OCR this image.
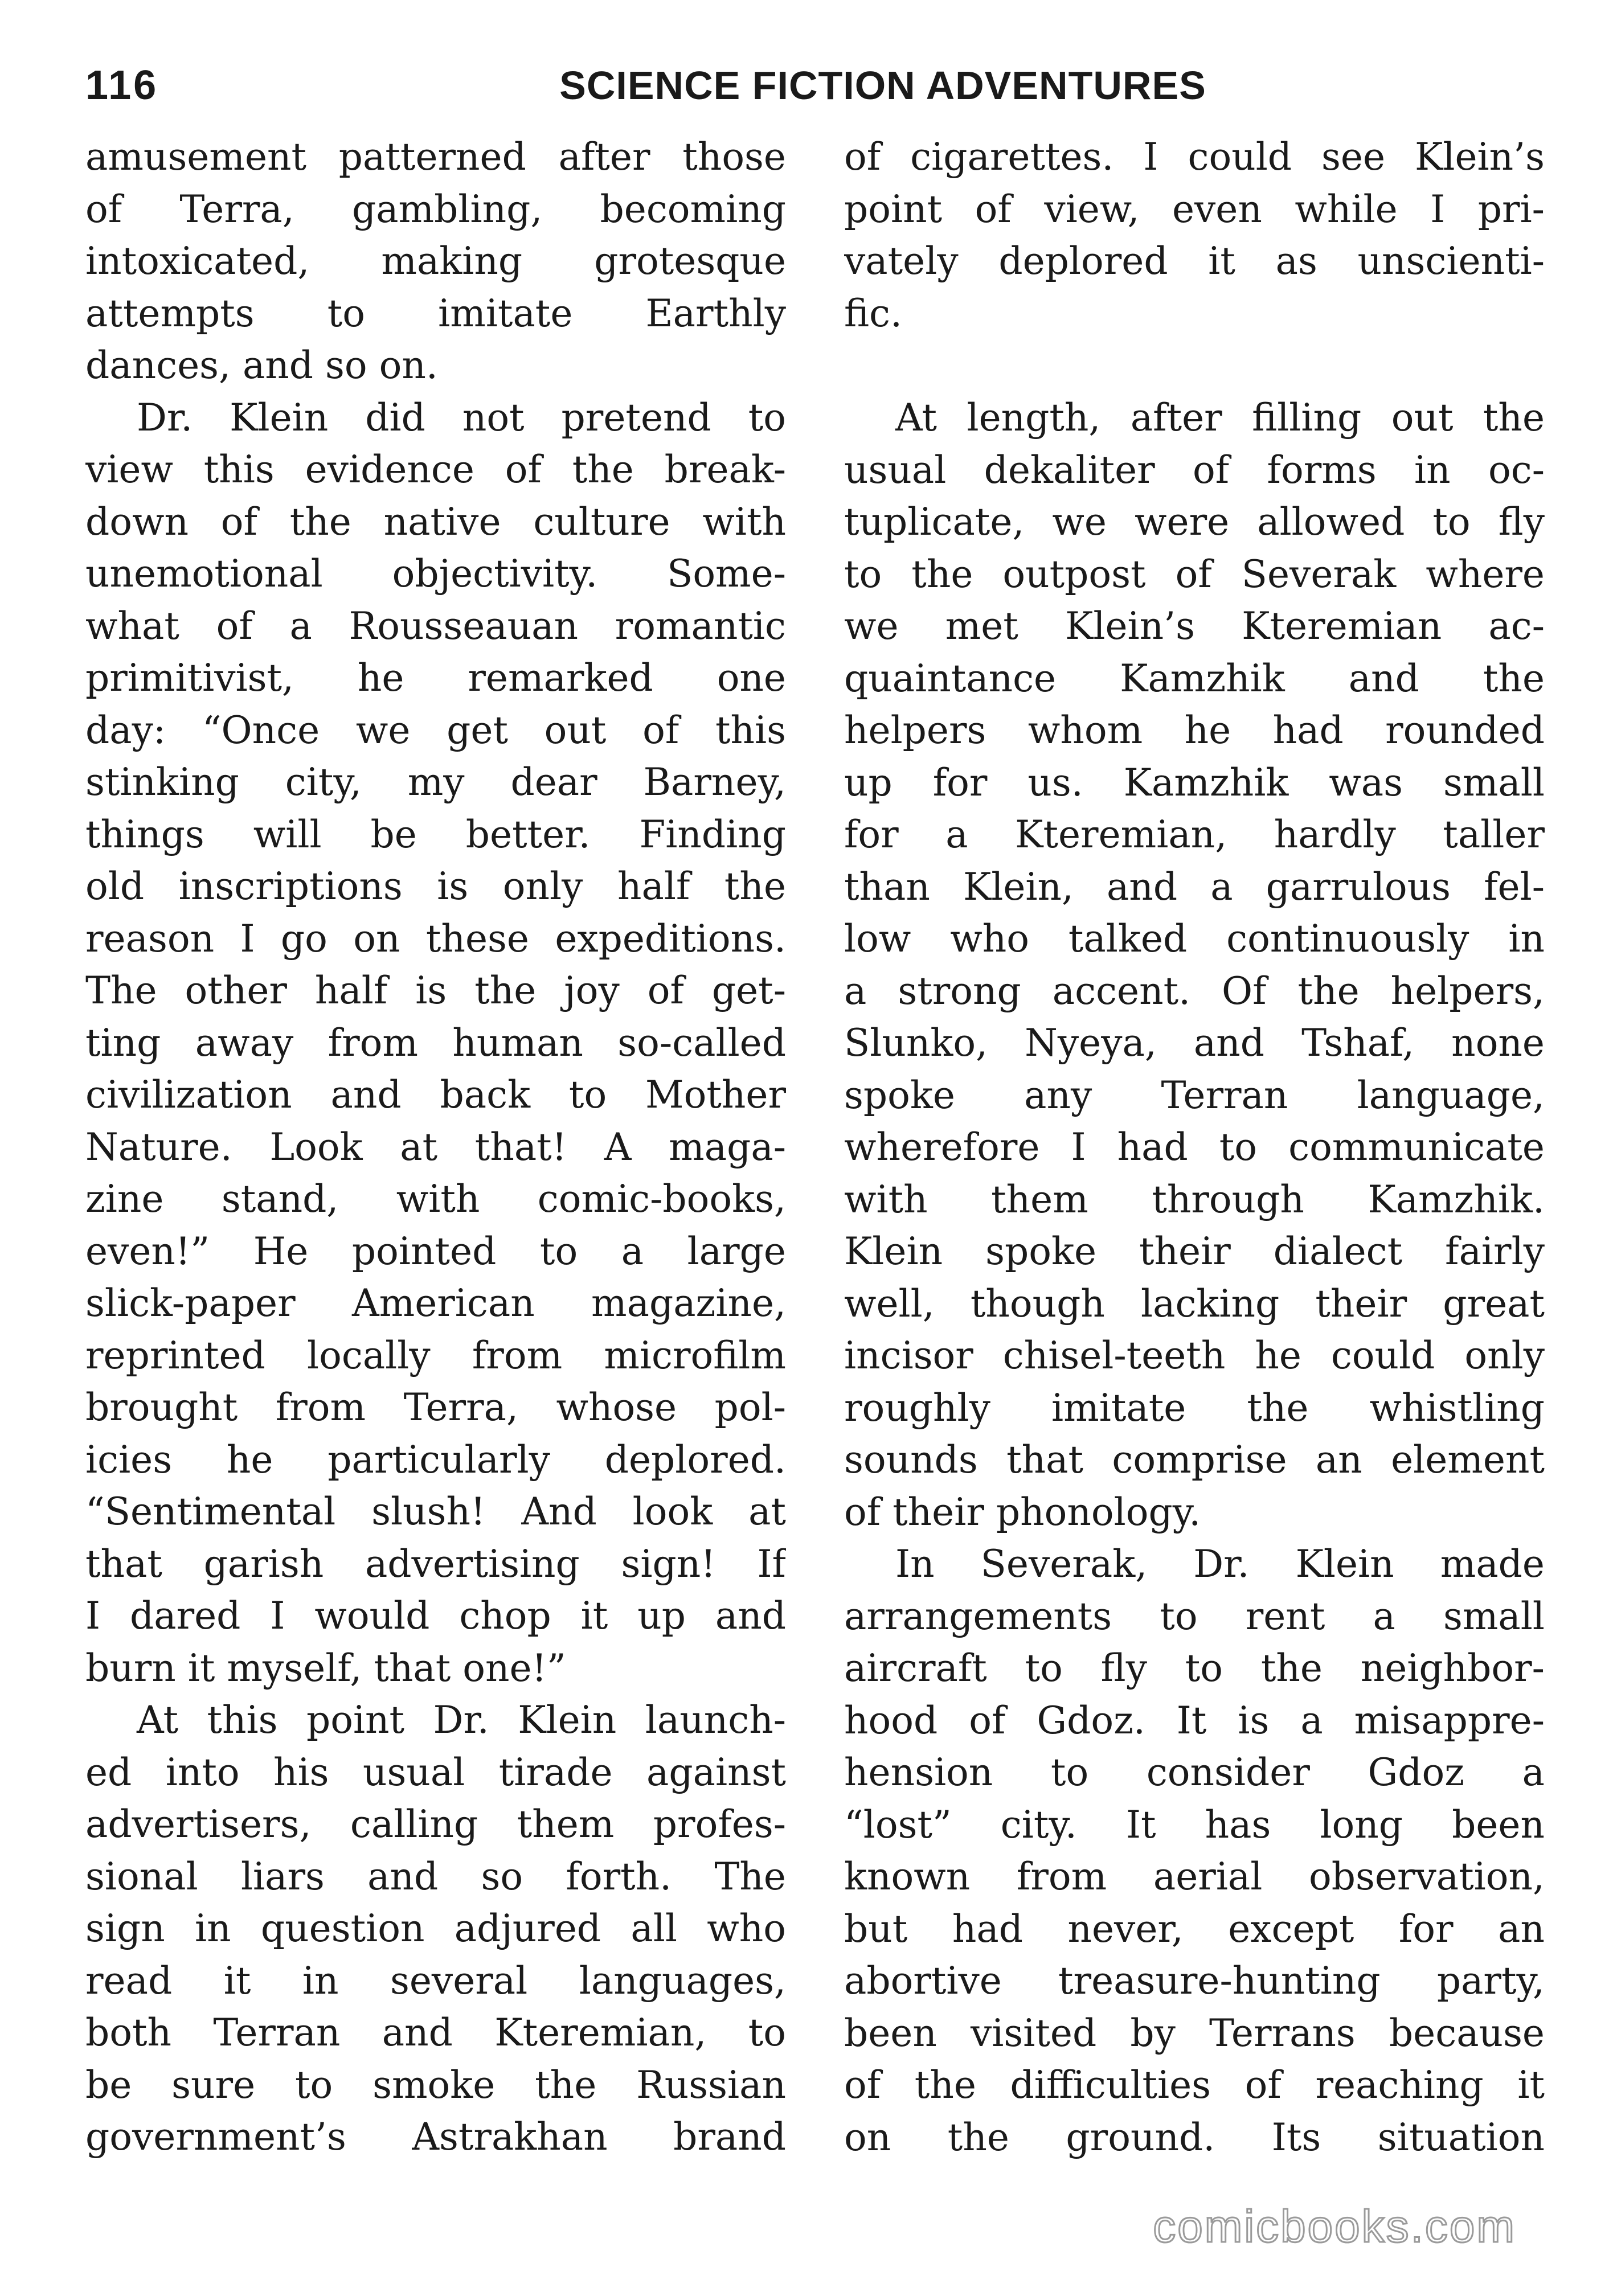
116	SCIENCE FICTION ADVENTURES
amusement patterned after those
of Terra, gambling, becoming
intoxicated, making grotesque
attempts to imitate Earthly
dances, and so on.
Dr. Klein did not pretend to
view this evidence of the break-
down of the native culture with
unemotional objectivity. Some-
what of a Rousseauan romantic
primitivist, he remarked one
day: “Once we get out of this
stinking city, my dear Barney,
things will be better. Finding
old inscriptions is only half the
reason I go on these expeditions.
The other half is the joy of get-
ting away from human so-called
civilization and back to Mother
Nature. Look at that! A maga-
zine stand, with comic-books,
even!” He pointed to a large
slick-paper American magazine,
reprinted locally from microfilm
brought from Terra, whose pol-
icies he particularly deplored.
“Sentimental slush! And look at
that garish advertising sign! If
I dared I would chop it up and
burn it myself, that one!”
At this point Dr. Klein launch-
ed into his usual tirade against
advertisers, calling them profes-
sional liars and so forth. The
sign in question adjured all who
read it in several languages,
both Terran and Kteremian, to
be sure to smoke the Russian
government’s Astrakhan brand
of cigarettes. I could see Klein’s
point of view, even while I pri-
vately deplored it as unscienti-
fic.
At length, after filling out the
usual dekaliter of forms in oc-
tuplicate, we were allowed to fly
to the outpost of Severak where
we met Klein’s Kteremian ac-
quaintance Kamzhik and the
helpers whom he had rounded
up for us. Kamzhik was small
for a Kteremian, hardly taller
than Klein, and a garrulous fel-
low who talked continuously in
a strong accent. Of the helpers,
Slunko, Nyeya, and Tshaf, none
spoke any Terran language,
wherefore I had to communicate
with them through Kamzhik.
Klein spoke their dialect fairly
well, though lacking their great
incisor chisel-teeth he could only
roughly imitate the whistling
sounds that comprise an element
of their phonology.
In Severak, Dr. Klein made
arrangements to rent a small
aircraft to fly to the neighbor-
hood of Gdoz. It is a misappre-
hension to consider Gdoz a
“lost” city. It has long been
known from aerial observation,
but had never, except for an
abortive treasure-hunting party,
been visited by Terrans because
of the difficulties of reaching it
on the ground. Its situation
comicbooks.com
